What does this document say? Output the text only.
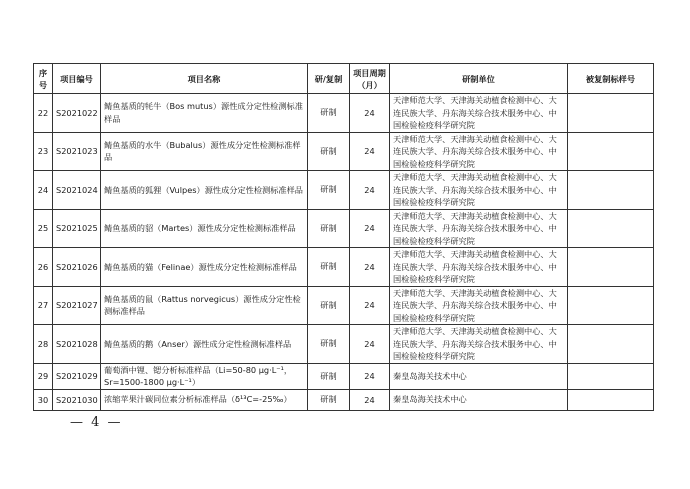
序号	项目编号	项目名称	研/复制	项目周期（月）	研制单位	被复制标样号
22	S2021022	鲭鱼基质的牦牛（Bos mutus）源性成分定性检测标准样品	研制	24	天津师范大学、天津海关动植食检测中心、大连民族大学、丹东海关综合技术服务中心、中国检验检疫科学研究院	
23	S2021023	鲭鱼基质的水牛（Bubalus）源性成分定性检测标准样品	研制	24	天津师范大学、天津海关动植食检测中心、大连民族大学、丹东海关综合技术服务中心、中国检验检疫科学研究院	
24	S2021024	鲭鱼基质的狐狸（Vulpes）源性成分定性检测标准样品	研制	24	天津师范大学、天津海关动植食检测中心、大连民族大学、丹东海关综合技术服务中心、中国检验检疫科学研究院	
25	S2021025	鲭鱼基质的貂（Martes）源性成分定性检测标准样品	研制	24	天津师范大学、天津海关动植食检测中心、大连民族大学、丹东海关综合技术服务中心、中国检验检疫科学研究院	
26	S2021026	鲭鱼基质的猫（Felinae）源性成分定性检测标准样品	研制	24	天津师范大学、天津海关动植食检测中心、大连民族大学、丹东海关综合技术服务中心、中国检验检疫科学研究院	
27	S2021027	鲭鱼基质的鼠（Rattus norvegicus）源性成分定性检测标准样品	研制	24	天津师范大学、天津海关动植食检测中心、大连民族大学、丹东海关综合技术服务中心、中国检验检疫科学研究院	
28	S2021028	鲭鱼基质的鹅（Anser）源性成分定性检测标准样品	研制	24	天津师范大学、天津海关动植食检测中心、大连民族大学、丹东海关综合技术服务中心、中国检验检疫科学研究院	
29	S2021029	葡萄酒中锂、锶分析标准样品（Li=50-80 μg·L⁻¹，Sr=1500-1800 μg·L⁻¹）	研制	24	秦皇岛海关技术中心	
30	S2021030	浓缩苹果汁碳同位素分析标准样品（δ¹³C=-25‰）	研制	24	秦皇岛海关技术中心	
— 4 —
